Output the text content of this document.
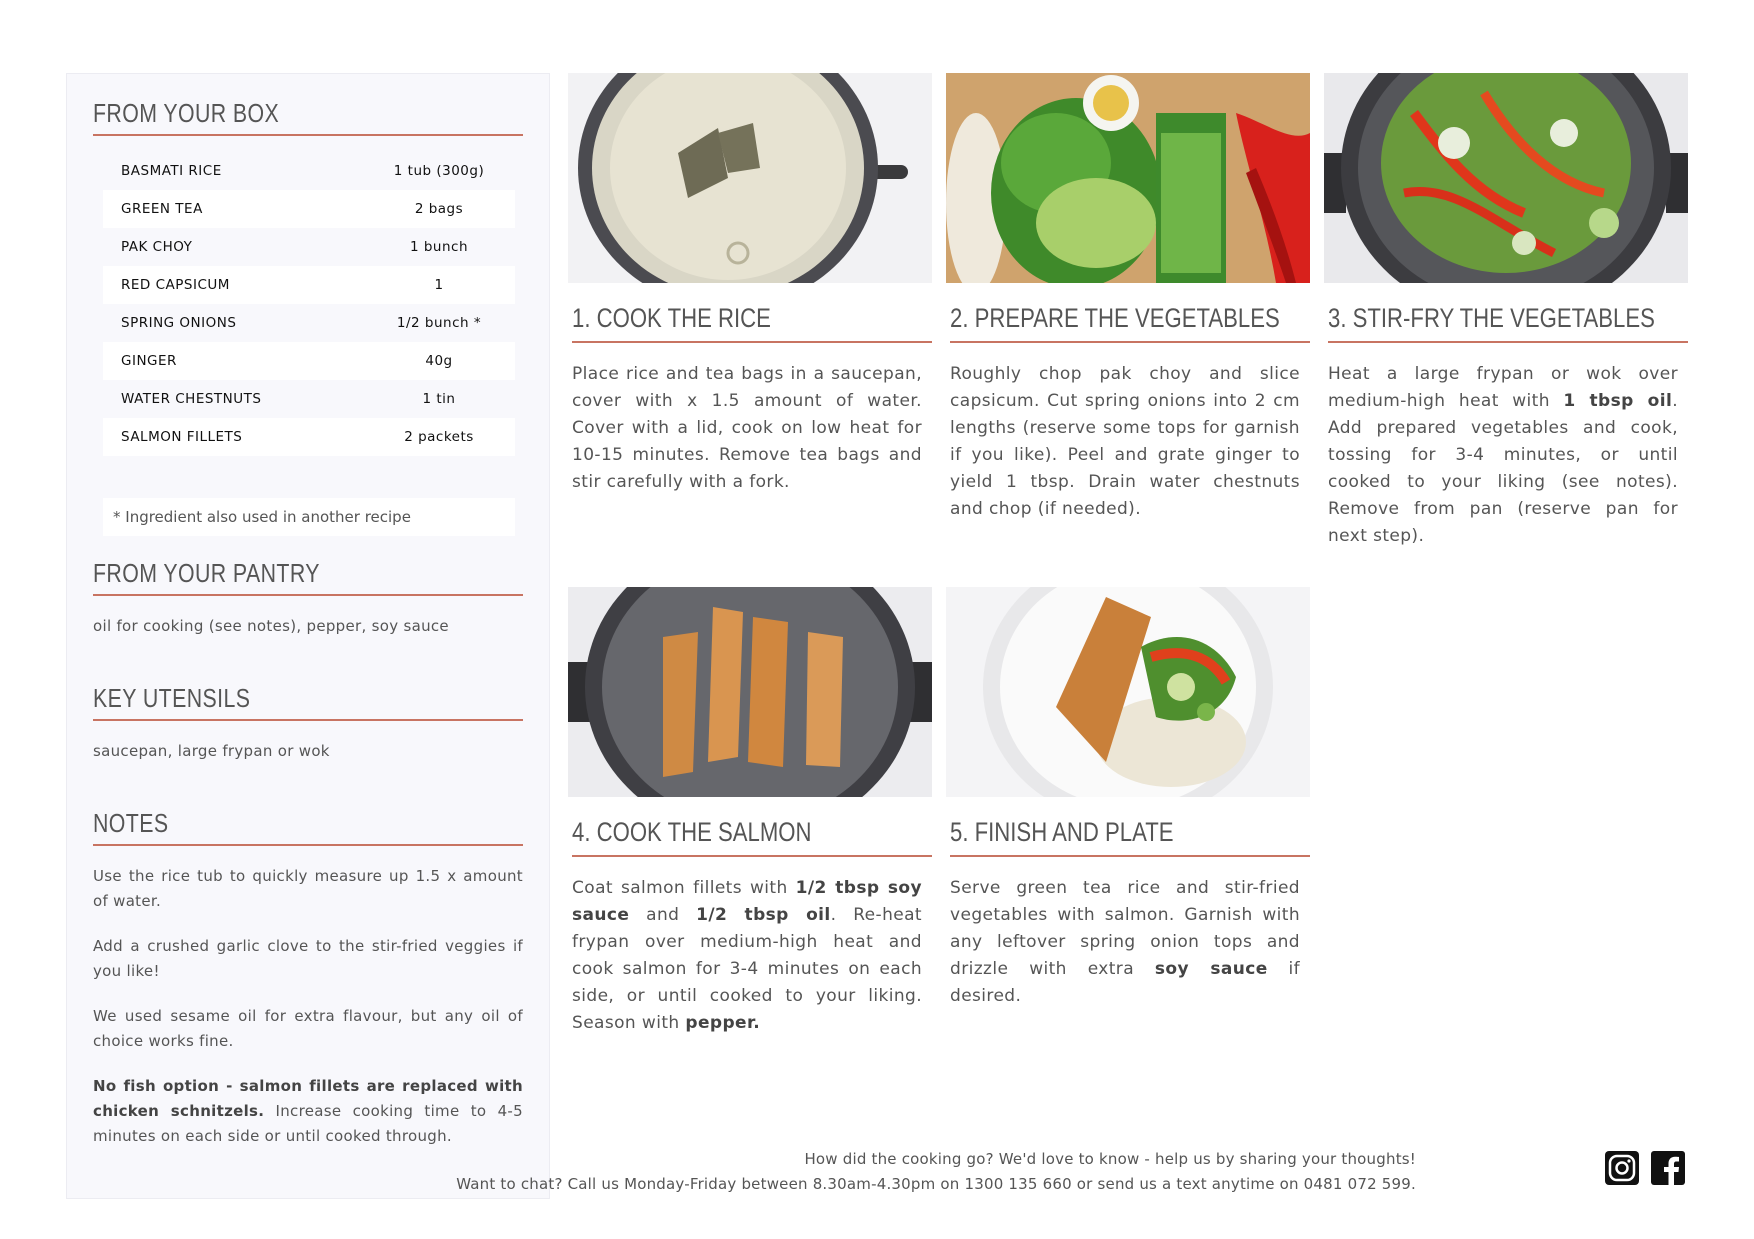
FROM YOUR BOX
BASMATI RICE	1 tub (300g)
GREEN TEA	2 bags
PAK CHOY	1 bunch
RED CAPSICUM	1
SPRING ONIONS	1/2 bunch *
GINGER	40g
WATER CHESTNUTS	1 tin
SALMON FILLETS	2 packets
* Ingredient also used in another recipe
FROM YOUR PANTRY
oil for cooking (see notes), pepper, soy sauce
KEY UTENSILS
saucepan, large frypan or wok
NOTES
Use the rice tub to quickly measure up 1.5 x amount of water.
Add a crushed garlic clove to the stir-fried veggies if you like!
We used sesame oil for extra flavour, but any oil of choice works fine.
No fish option - salmon fillets are replaced with chicken schnitzels. Increase cooking time to 4-5 minutes on each side or until cooked through.
1. COOK THE RICE
Place rice and tea bags in a saucepan, cover with x 1.5 amount of water. Cover with a lid, cook on low heat for 10-15 minutes. Remove tea bags and stir carefully with a fork.
2. PREPARE THE VEGETABLES
Roughly chop pak choy and slice capsicum. Cut spring onions into 2 cm lengths (reserve some tops for garnish if you like). Peel and grate ginger to yield 1 tbsp. Drain water chestnuts and chop (if needed).
3. STIR-FRY THE VEGETABLES
Heat a large frypan or wok over medium-high heat with 1 tbsp oil. Add prepared vegetables and cook, tossing for 3-4 minutes, or until cooked to your liking (see notes). Remove from pan (reserve pan for next step).
4. COOK THE SALMON
Coat salmon fillets with 1/2 tbsp soy sauce and 1/2 tbsp oil. Re-heat frypan over medium-high heat and cook salmon for 3-4 minutes on each side, or until cooked to your liking. Season with pepper.
5. FINISH AND PLATE
Serve green tea rice and stir-fried vegetables with salmon. Garnish with any leftover spring onion tops and drizzle with extra soy sauce if desired.
How did the cooking go? We'd love to know - help us by sharing your thoughts!
Want to chat? Call us Monday-Friday between 8.30am-4.30pm on 1300 135 660 or send us a text anytime on 0481 072 599.
